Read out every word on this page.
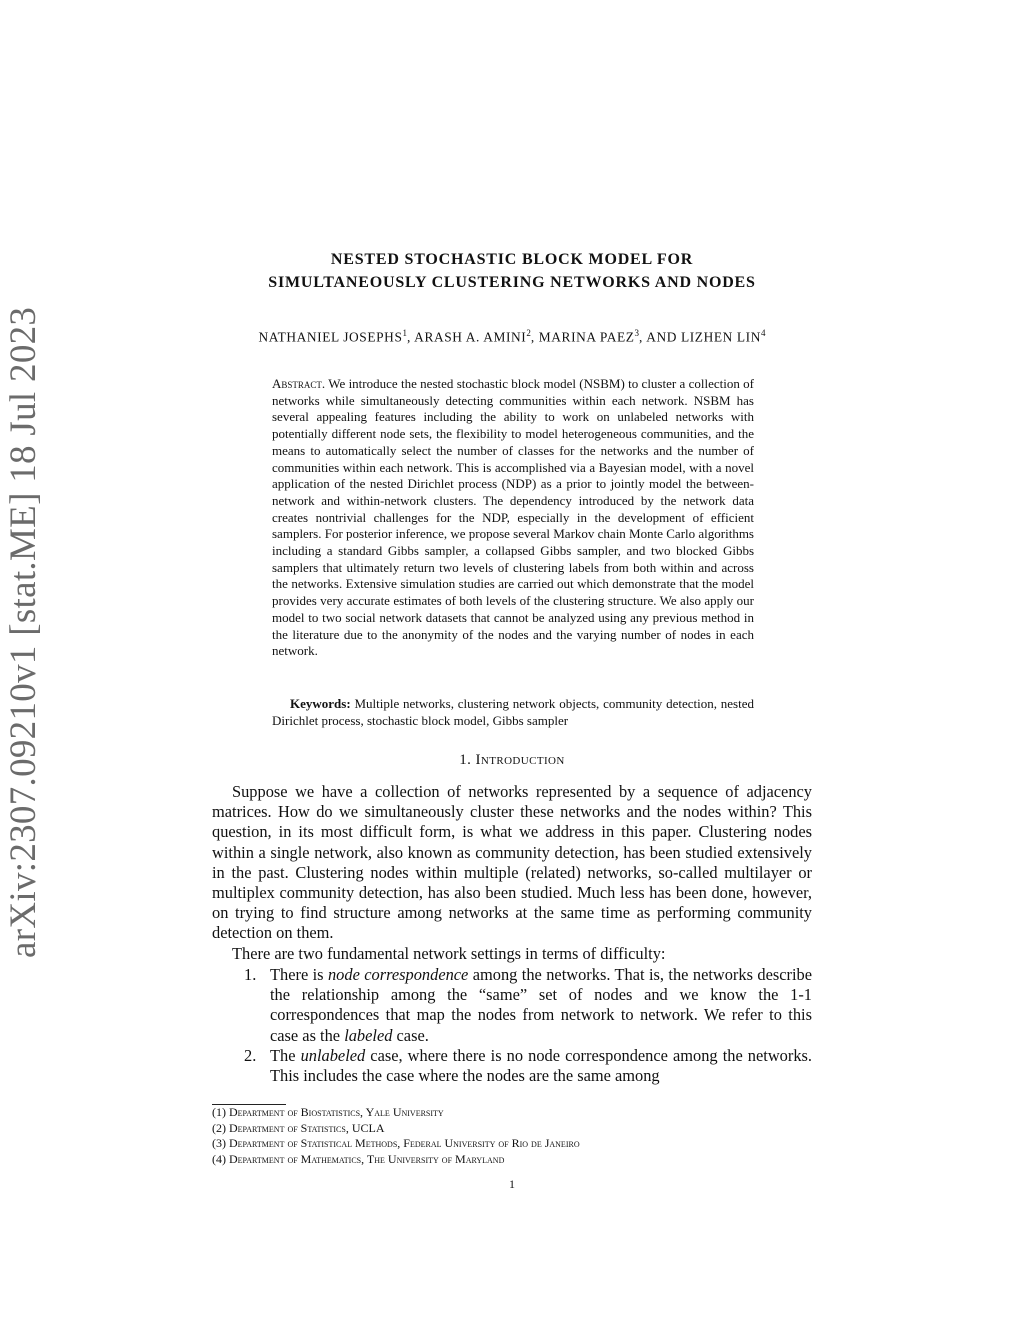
arXiv:2307.09210v1 [stat.ME] 18 Jul 2023
NESTED STOCHASTIC BLOCK MODEL FOR
SIMULTANEOUSLY CLUSTERING NETWORKS AND NODES
NATHANIEL JOSEPHS$^1$, ARASH A. AMINI$^2$, MARINA PAEZ$^3$, AND LIZHEN LIN$^4$

Abstract. We introduce the nested stochastic block model (NSBM) to cluster a collection of networks while simultaneously detecting communities within each network. NSBM has several appealing features including the ability to work on unlabeled networks with potentially different node sets, the flexibility to model heterogeneous communities, and the means to automatically select the number of classes for the networks and the number of communities within each network. This is accomplished via a Bayesian model, with a novel application of the nested Dirichlet process (NDP) as a prior to jointly model the between-network and within-network clusters. The dependency introduced by the network data creates nontrivial challenges for the NDP, especially in the development of efficient samplers. For posterior inference, we propose several Markov chain Monte Carlo algorithms including a standard Gibbs sampler, a collapsed Gibbs sampler, and two blocked Gibbs samplers that ultimately return two levels of clustering labels from both within and across the networks. Extensive simulation studies are carried out which demonstrate that the model provides very accurate estimates of both levels of the clustering structure. We also apply our model to two social network datasets that cannot be analyzed using any previous method in the literature due to the anonymity of the nodes and the varying number of nodes in each network.

Keywords: Multiple networks, clustering network objects, community detection, nested Dirichlet process, stochastic block model, Gibbs sampler

1. Introduction

Suppose we have a collection of networks represented by a sequence of adjacency matrices. How do we simultaneously cluster these networks and the nodes within? This question, in its most difficult form, is what we address in this paper. Clustering nodes within a single network, also known as community detection, has been studied extensively in the past. Clustering nodes within multiple (related) networks, so-called multilayer or multiplex community detection, has also been studied. Much less has been done, however, on trying to find structure among networks at the same time as performing community detection on them.

There are two fundamental network settings in terms of difficulty:

1. There is node correspondence among the networks. That is, the networks describe the relationship among the “same” set of nodes and we know the 1-1 correspondences that map the nodes from network to network. We refer to this case as the labeled case.

2. The unlabeled case, where there is no node correspondence among the networks. This includes the case where the nodes are the same among

(1) Department of Biostatistics, Yale University
(2) Department of Statistics, UCLA
(3) Department of Statistical Methods, Federal University of Rio de Janeiro
(4) Department of Mathematics, The University of Maryland
1
